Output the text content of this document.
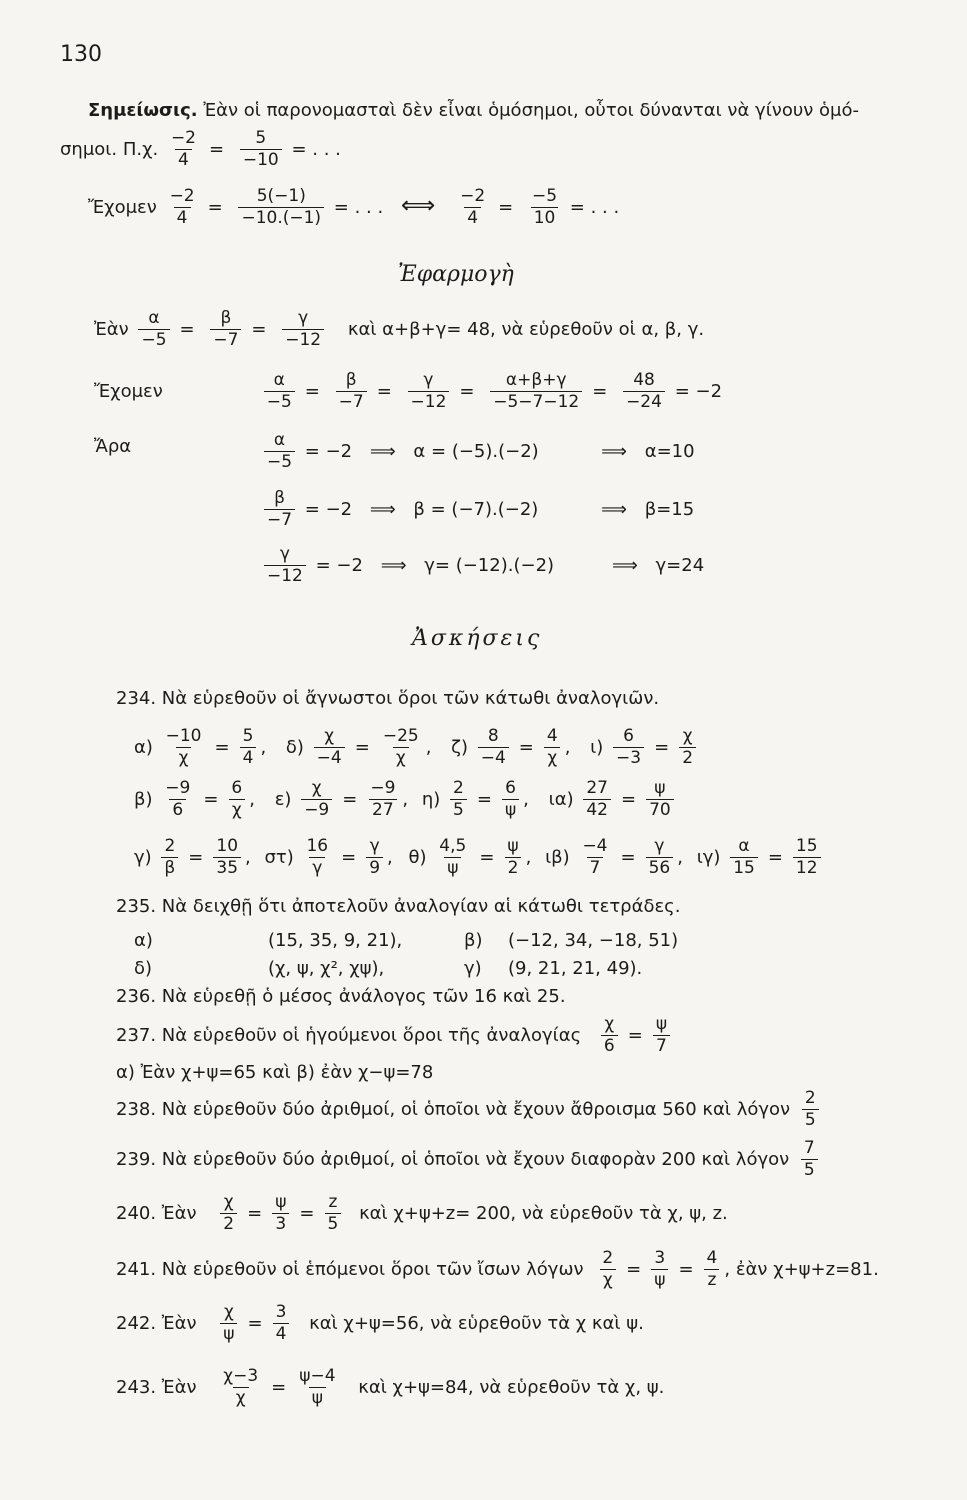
130
Σημείωσις. Ἐὰν οἱ παρονομασταὶ δὲν εἶναι ὁμόσημοι, οὗτοι δύνανται νὰ γίνουν ὁμό-
σημοι. Π.χ. $\frac{-2}{4} = \frac{5}{-10}$ = . . .
Ἔχομεν $\frac{-2}{4} = \frac{5(-1)}{-10.(-1)}$ = . . . ⟺ $\frac{-2}{4} = \frac{-5}{10}$ = . . .
Ἐφαρμογὴ
Ἐὰν $\frac{\alpha}{-5} = \frac{\beta}{-7} = \frac{\gamma}{-12}$ καὶ α+β+γ= 48, νὰ εὑρεθοῦν οἱ α, β, γ.
Ἔχομεν	$\frac{\alpha}{-5} = \frac{\beta}{-7} = \frac{\gamma}{-12} = \frac{\alpha+\beta+\gamma}{-5-7-12} = \frac{48}{-24} = -2$
Ἄρα	$\frac{\alpha}{-5} = -2$ ⟹ α = (−5).(−2)	⟹ α=10
$\frac{\beta}{-7} = -2$ ⟹ β = (−7).(−2)	⟹ β=15
$\frac{\gamma}{-12} = -2$ ⟹ γ= (−12).(−2)	⟹ γ=24
Ἀσκήσεις
234. Νὰ εὑρεθοῦν οἱ ἄγνωστοι ὅροι τῶν κάτωθι ἀναλογιῶν.
$\alpha) \frac{-10}{\chi} = \frac{5}{4}$ , $\delta) \frac{\chi}{-4} = \frac{-25}{\chi}$ , $\zeta) \frac{8}{-4} = \frac{4}{\chi}$ , $\iota) \frac{6}{-3} = \frac{\chi}{2}$
$\beta) \frac{-9}{6} = \frac{6}{\chi}$ , $\varepsilon) \frac{\chi}{-9} = \frac{-9}{27}$ , $\eta) \frac{2}{5} = \frac{6}{\psi}$ , $\iota\alpha) \frac{27}{42} = \frac{\psi}{70}$
$\gamma) \frac{2}{\beta} = \frac{10}{35}$ , $\sigma\tau) \frac{16}{\gamma} = \frac{\gamma}{9}$ , $\theta) \frac{4,5}{\psi} = \frac{\psi}{2}$ , $\iota\beta) \frac{-4}{7} = \frac{\gamma}{56}$ , $\iota\gamma) \frac{\alpha}{15} = \frac{15}{12}$
235. Νὰ δειχθῇ ὅτι ἀποτελοῦν ἀναλογίαν αἱ κάτωθι τετράδες.
α)	(15, 35, 9, 21),	β) (−12, 34, −18, 51)
δ)	(χ, ψ, χ², χψ),	γ) (9, 21, 21, 49).
236. Νὰ εὑρεθῇ ὁ μέσος ἀνάλογος τῶν 16 καὶ 25.
237. Νὰ εὑρεθοῦν οἱ ἡγούμενοι ὅροι τῆς ἀναλογίας $\frac{\chi}{6} = \frac{\psi}{7}$
α) Ἐὰν χ+ψ=65 καὶ β) ἐὰν χ−ψ=78
238. Νὰ εὑρεθοῦν δύο ἀριθμοί, οἱ ὁποῖοι νὰ ἔχουν ἄθροισμα 560 καὶ λόγον $\frac{2}{5}$
239. Νὰ εὑρεθοῦν δύο ἀριθμοί, οἱ ὁποῖοι νὰ ἔχουν διαφορὰν 200 καὶ λόγον $\frac{7}{5}$
240. Ἐὰν $\frac{\chi}{2} = \frac{\psi}{3} = \frac{z}{5}$ καὶ χ+ψ+z= 200, νὰ εὑρεθοῦν τὰ χ, ψ, z.
241. Νὰ εὑρεθοῦν οἱ ἑπόμενοι ὅροι τῶν ἴσων λόγων $\frac{2}{\chi} = \frac{3}{\psi} = \frac{4}{z}$ , ἐὰν χ+ψ+z=81.
242. Ἐὰν $\frac{\chi}{\psi} = \frac{3}{4}$ καὶ χ+ψ=56, νὰ εὑρεθοῦν τὰ χ καὶ ψ.
243. Ἐὰν $\frac{\chi-3}{\chi} = \frac{\psi-4}{\psi}$ καὶ χ+ψ=84, νὰ εὑρεθοῦν τὰ χ, ψ.
